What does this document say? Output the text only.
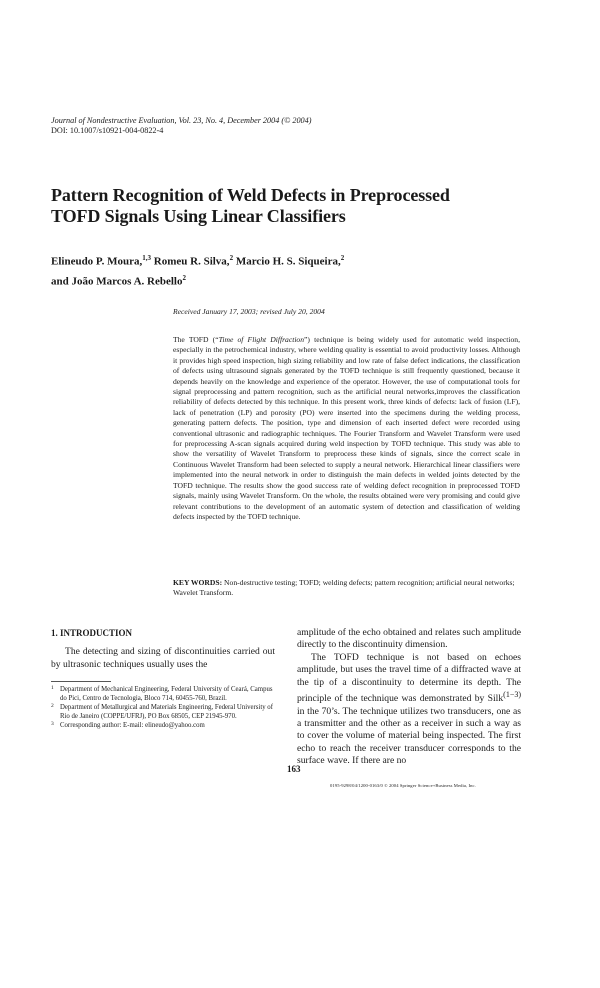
Journal of Nondestructive Evaluation, Vol. 23, No. 4, December 2004 (© 2004)
DOI: 10.1007/s10921-004-0822-4
Pattern Recognition of Weld Defects in Preprocessed
TOFD Signals Using Linear Classifiers
Elineudo P. Moura,$^{1,3}$ Romeu R. Silva,$^2$ Marcio H. S. Siqueira,$^2$
and João Marcos A. Rebello$^2$
Received January 17, 2003; revised July 20, 2004
The TOFD (“Time of Flight Diffraction”) technique is being widely used for automatic weld inspection, especially in the petrochemical industry, where welding quality is essential to avoid productivity losses. Although it provides high speed inspection, high sizing reliability and low rate of false defect indications, the classification of defects using ultrasound signals generated by the TOFD technique is still frequently questioned, because it depends heavily on the knowledge and experience of the operator. However, the use of computational tools for signal preprocessing and pattern recognition, such as the artificial neural networks,improves the classification reliability of defects detected by this technique. In this present work, three kinds of defects: lack of fusion (LF), lack of penetration (LP) and porosity (PO) were inserted into the specimens during the welding process, generating pattern defects. The position, type and dimension of each inserted defect were recorded using conventional ultrasonic and radiographic techniques. The Fourier Transform and Wavelet Transform were used for preprocessing A-scan signals acquired during weld inspection by TOFD technique. This study was able to show the versatility of Wavelet Transform to preprocess these kinds of signals, since the correct scale in Continuous Wavelet Transform had been selected to supply a neural network. Hierarchical linear classifiers were implemented into the neural network in order to distinguish the main defects in welded joints detected by the TOFD technique. The results show the good success rate of welding defect recognition in preprocessed TOFD signals, mainly using Wavelet Transform. On the whole, the results obtained were very promising and could give relevant contributions to the development of an automatic system of detection and classification of welding defects inspected by the TOFD technique.
KEY WORDS: Non-destructive testing; TOFD; welding defects; pattern recognition; artificial neural networks; Wavelet Transform.
1. INTRODUCTION
The detecting and sizing of discontinuities carried out by ultrasonic techniques usually uses the

amplitude of the echo obtained and relates such amplitude directly to the discontinuity dimension.

The TOFD technique is not based on echoes amplitude, but uses the travel time of a diffracted wave at the tip of a discontinuity to determine its depth. The principle of the technique was demonstrated by Silk$^{(1-3)}$ in the 70’s. The technique utilizes two transducers, one as a transmitter and the other as a receiver in such a way as to cover the volume of material being inspected. The first echo to reach the receiver transducer corresponds to the surface wave. If there are no

1 Department of Mechanical Engineering, Federal University of Ceará, Campus do Pici, Centro de Tecnologia, Bloco 714, 60455-760, Brazil.

2 Department of Metallurgical and Materials Engineering, Federal University of Rio de Janeiro (COPPE/UFRJ), PO Box 68505, CEP 21945-970.

3 Corresponding author: E-mail: elineudo@yahoo.com

163
0195-9298/04/1200-0163/0 © 2004 Springer Science+Business Media, Inc.
